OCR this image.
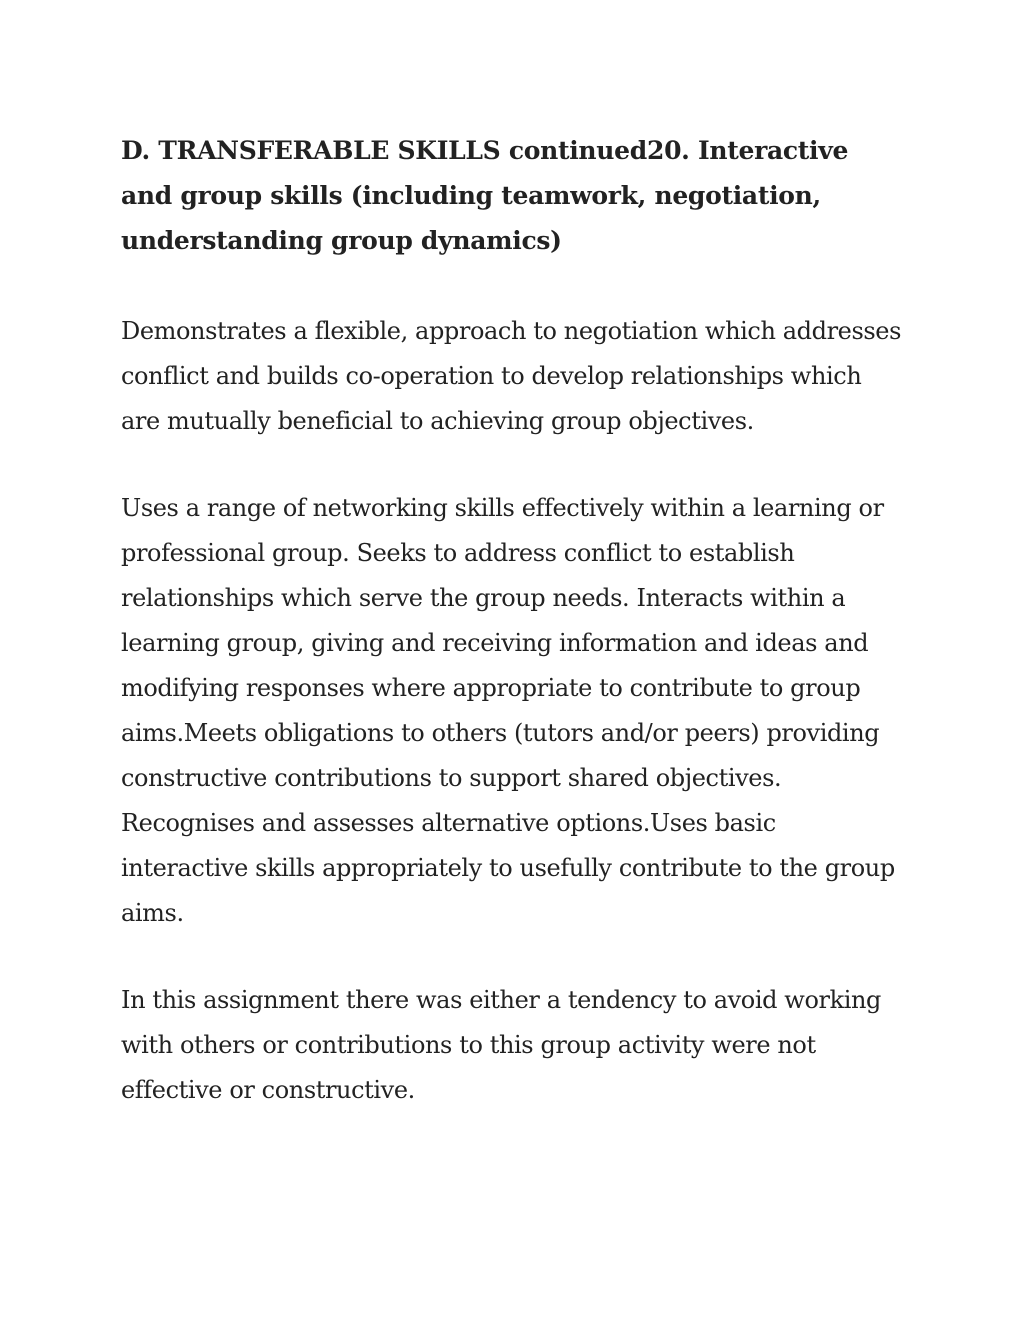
D. TRANSFERABLE SKILLS continued20. Interactive and group skills (including teamwork, negotiation, understanding group dynamics)

Demonstrates a flexible, approach to negotiation which addresses conflict and builds co-operation to develop relationships which are mutually beneficial to achieving group objectives.

Uses a range of networking skills effectively within a learning or professional group. Seeks to address conflict to establish relationships which serve the group needs. Interacts within a learning group, giving and receiving information and ideas and modifying responses where appropriate to contribute to group aims.Meets obligations to others (tutors and/or peers) providing constructive contributions to support shared objectives. Recognises and assesses alternative options.Uses basic interactive skills appropriately to usefully contribute to the group aims.

In this assignment there was either a tendency to avoid working with others or contributions to this group activity were not effective or constructive.
